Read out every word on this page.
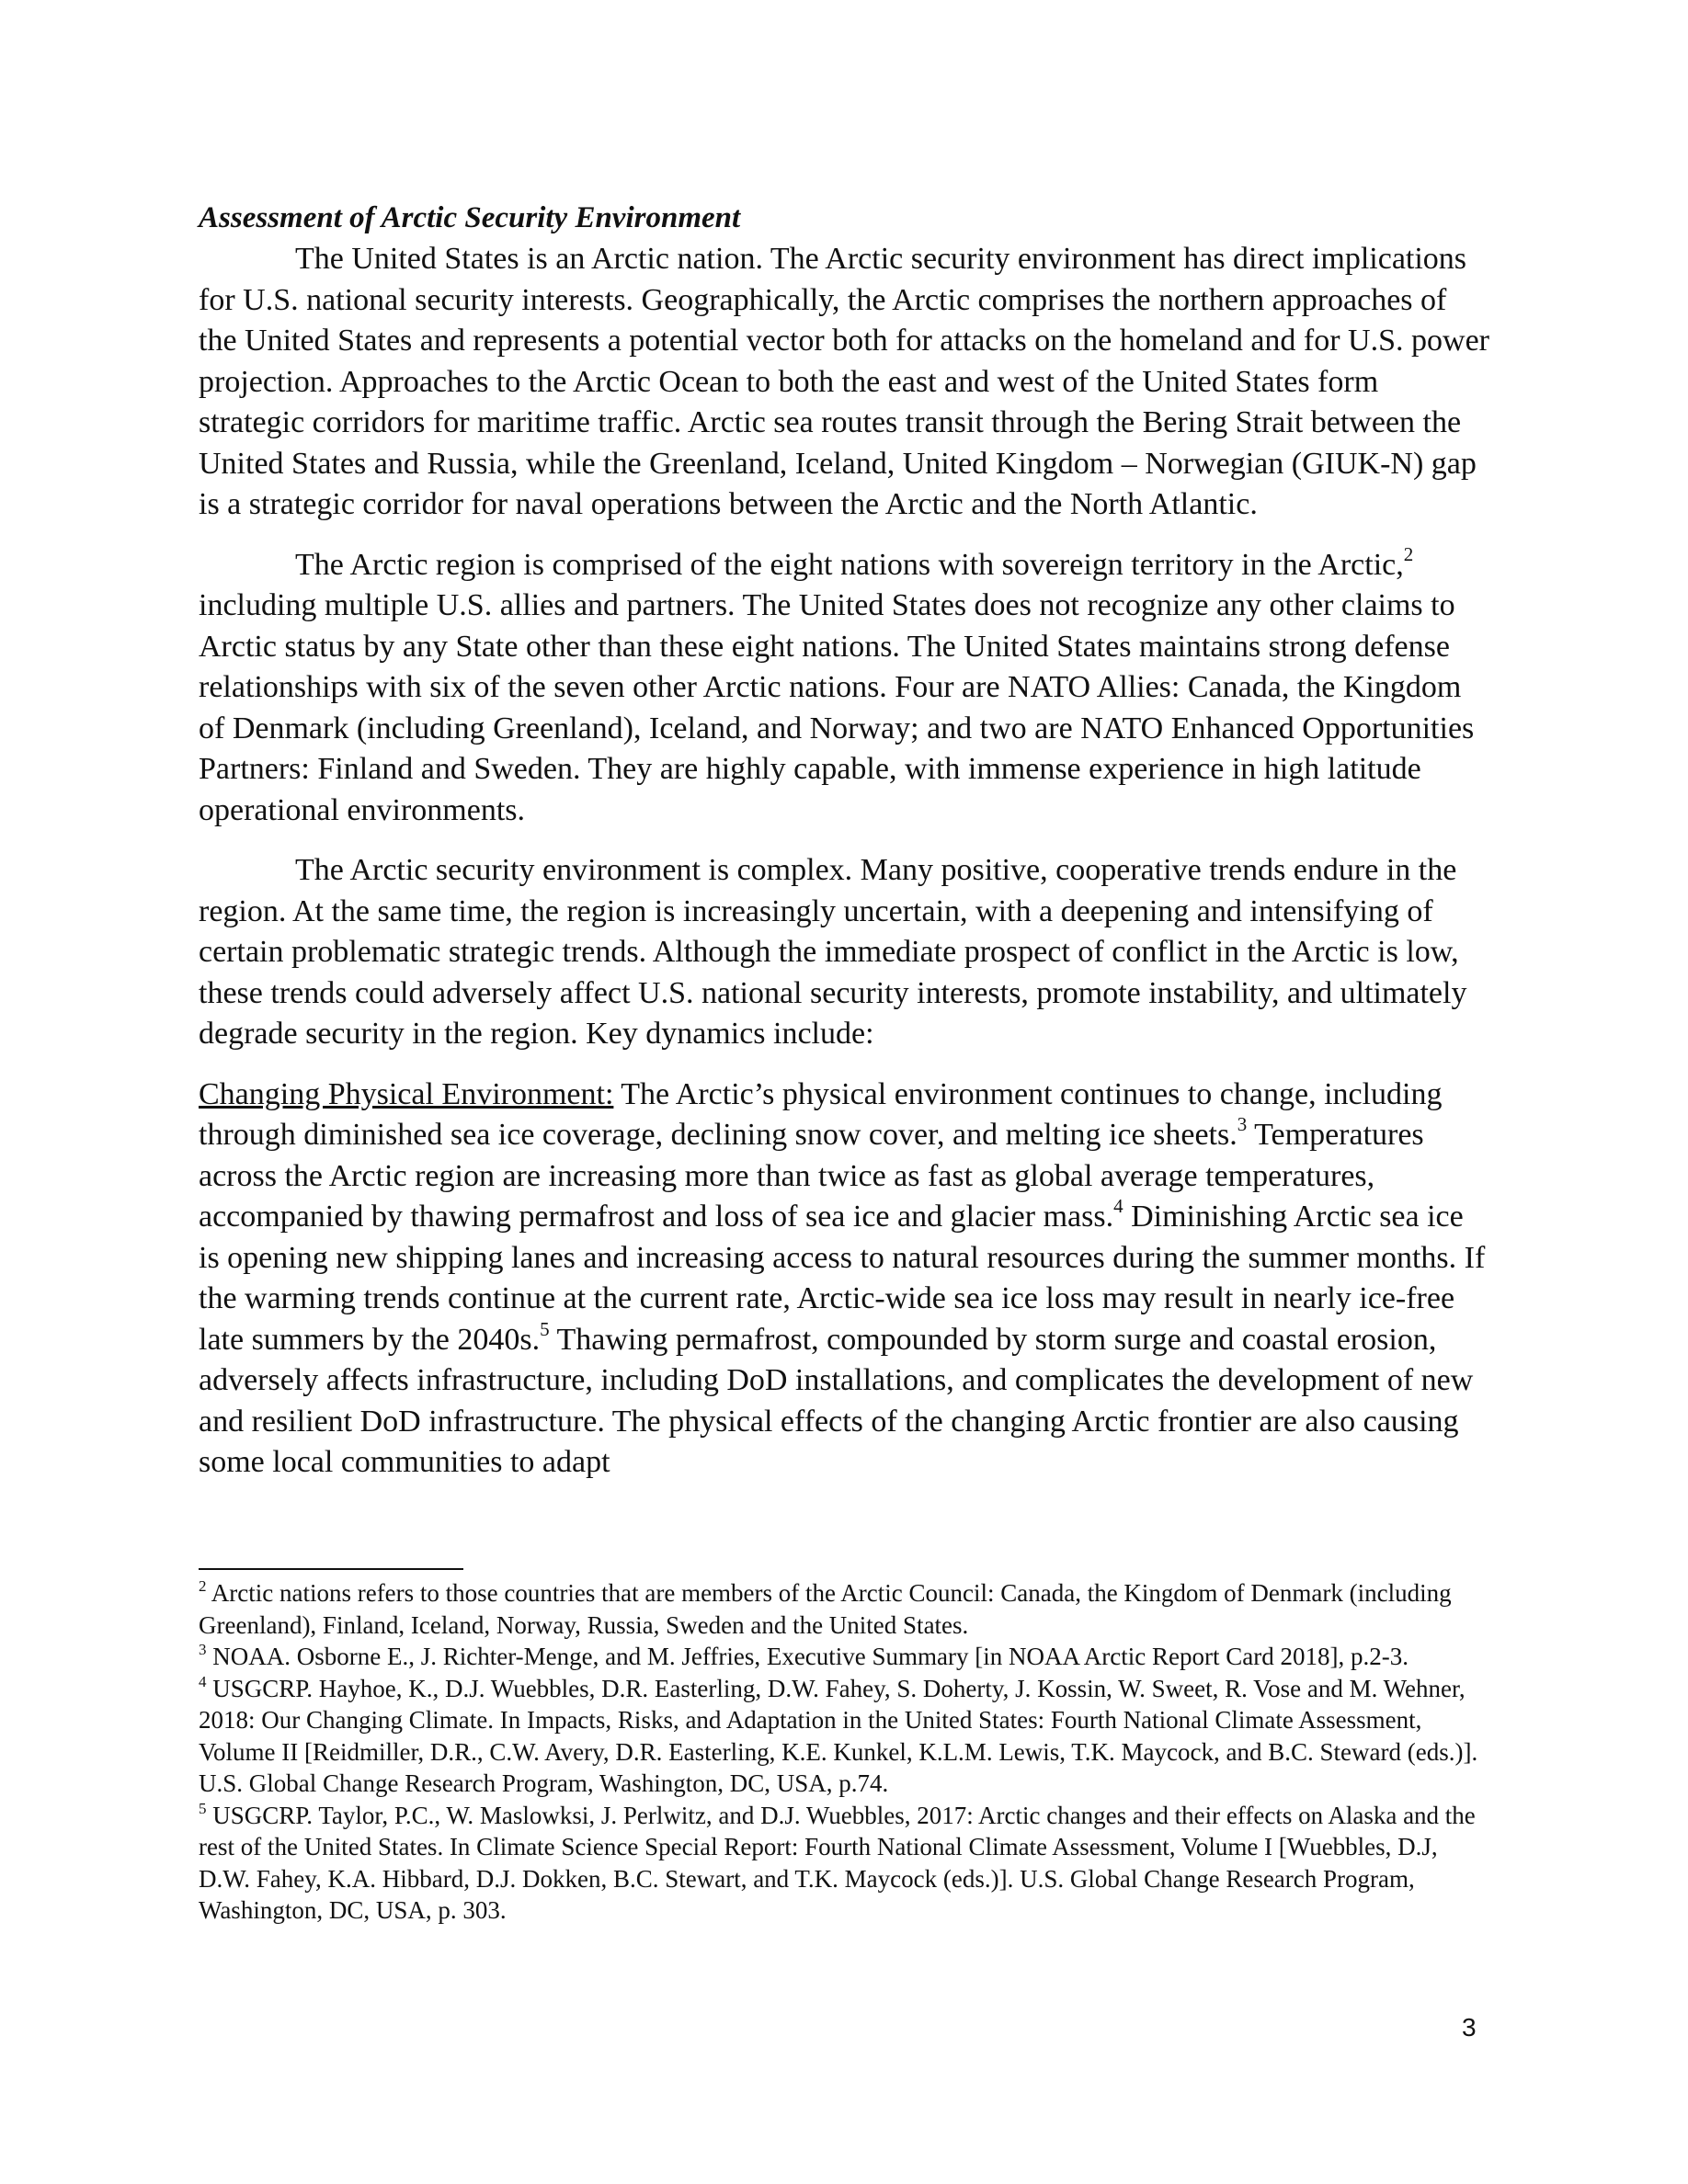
Assessment of Arctic Security Environment

The United States is an Arctic nation. The Arctic security environment has direct implications for U.S. national security interests. Geographically, the Arctic comprises the northern approaches of the United States and represents a potential vector both for attacks on the homeland and for U.S. power projection. Approaches to the Arctic Ocean to both the east and west of the United States form strategic corridors for maritime traffic. Arctic sea routes transit through the Bering Strait between the United States and Russia, while the Greenland, Iceland, United Kingdom – Norwegian (GIUK-N) gap is a strategic corridor for naval operations between the Arctic and the North Atlantic.

The Arctic region is comprised of the eight nations with sovereign territory in the Arctic,$^2$ including multiple U.S. allies and partners. The United States does not recognize any other claims to Arctic status by any State other than these eight nations. The United States maintains strong defense relationships with six of the seven other Arctic nations. Four are NATO Allies: Canada, the Kingdom of Denmark (including Greenland), Iceland, and Norway; and two are NATO Enhanced Opportunities Partners: Finland and Sweden. They are highly capable, with immense experience in high latitude operational environments.

The Arctic security environment is complex. Many positive, cooperative trends endure in the region. At the same time, the region is increasingly uncertain, with a deepening and intensifying of certain problematic strategic trends. Although the immediate prospect of conflict in the Arctic is low, these trends could adversely affect U.S. national security interests, promote instability, and ultimately degrade security in the region. Key dynamics include:

Changing Physical Environment: The Arctic’s physical environment continues to change, including through diminished sea ice coverage, declining snow cover, and melting ice sheets.$^3$ Temperatures across the Arctic region are increasing more than twice as fast as global average temperatures, accompanied by thawing permafrost and loss of sea ice and glacier mass.$^4$ Diminishing Arctic sea ice is opening new shipping lanes and increasing access to natural resources during the summer months. If the warming trends continue at the current rate, Arctic-wide sea ice loss may result in nearly ice-free late summers by the 2040s.$^5$ Thawing permafrost, compounded by storm surge and coastal erosion, adversely affects infrastructure, including DoD installations, and complicates the development of new and resilient DoD infrastructure. The physical effects of the changing Arctic frontier are also causing some local communities to adapt

$^2$ Arctic nations refers to those countries that are members of the Arctic Council: Canada, the Kingdom of Denmark (including Greenland), Finland, Iceland, Norway, Russia, Sweden and the United States.

$^3$ NOAA. Osborne E., J. Richter-Menge, and M. Jeffries, Executive Summary [in NOAA Arctic Report Card 2018], p.2-3.

$^4$ USGCRP. Hayhoe, K., D.J. Wuebbles, D.R. Easterling, D.W. Fahey, S. Doherty, J. Kossin, W. Sweet, R. Vose and M. Wehner, 2018: Our Changing Climate. In Impacts, Risks, and Adaptation in the United States: Fourth National Climate Assessment, Volume II [Reidmiller, D.R., C.W. Avery, D.R. Easterling, K.E. Kunkel, K.L.M. Lewis, T.K. Maycock, and B.C. Steward (eds.)]. U.S. Global Change Research Program, Washington, DC, USA, p.74.

$^5$ USGCRP. Taylor, P.C., W. Maslowksi, J. Perlwitz, and D.J. Wuebbles, 2017: Arctic changes and their effects on Alaska and the rest of the United States. In Climate Science Special Report: Fourth National Climate Assessment, Volume I [Wuebbles, D.J, D.W. Fahey, K.A. Hibbard, D.J. Dokken, B.C. Stewart, and T.K. Maycock (eds.)]. U.S. Global Change Research Program, Washington, DC, USA, p. 303.

3
